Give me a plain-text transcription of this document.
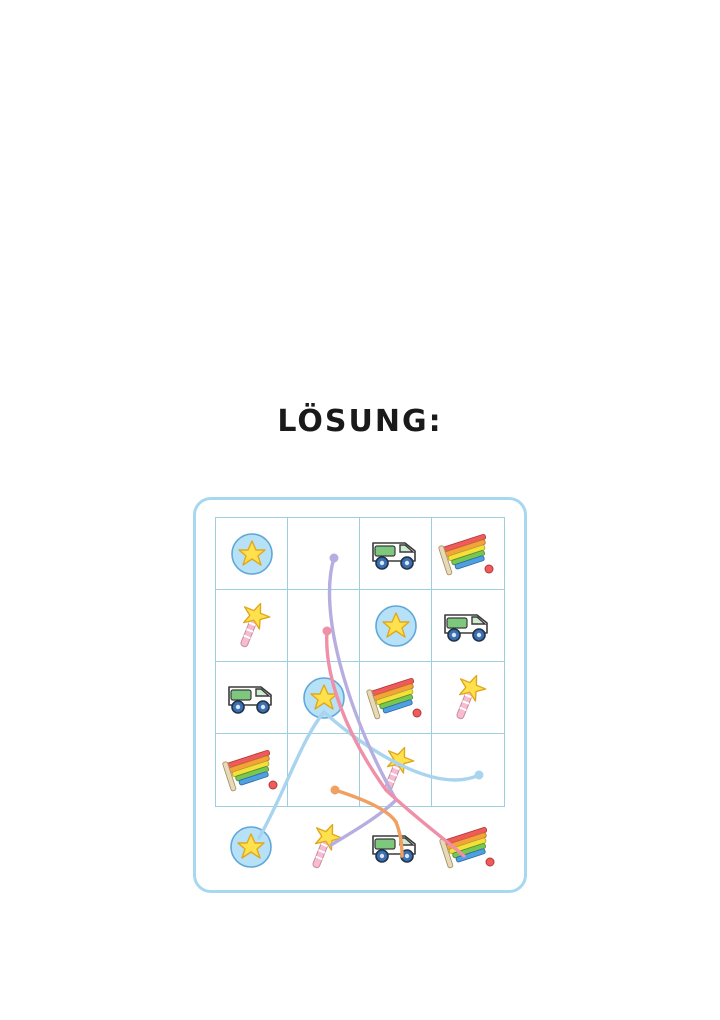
LÖSUNG:
